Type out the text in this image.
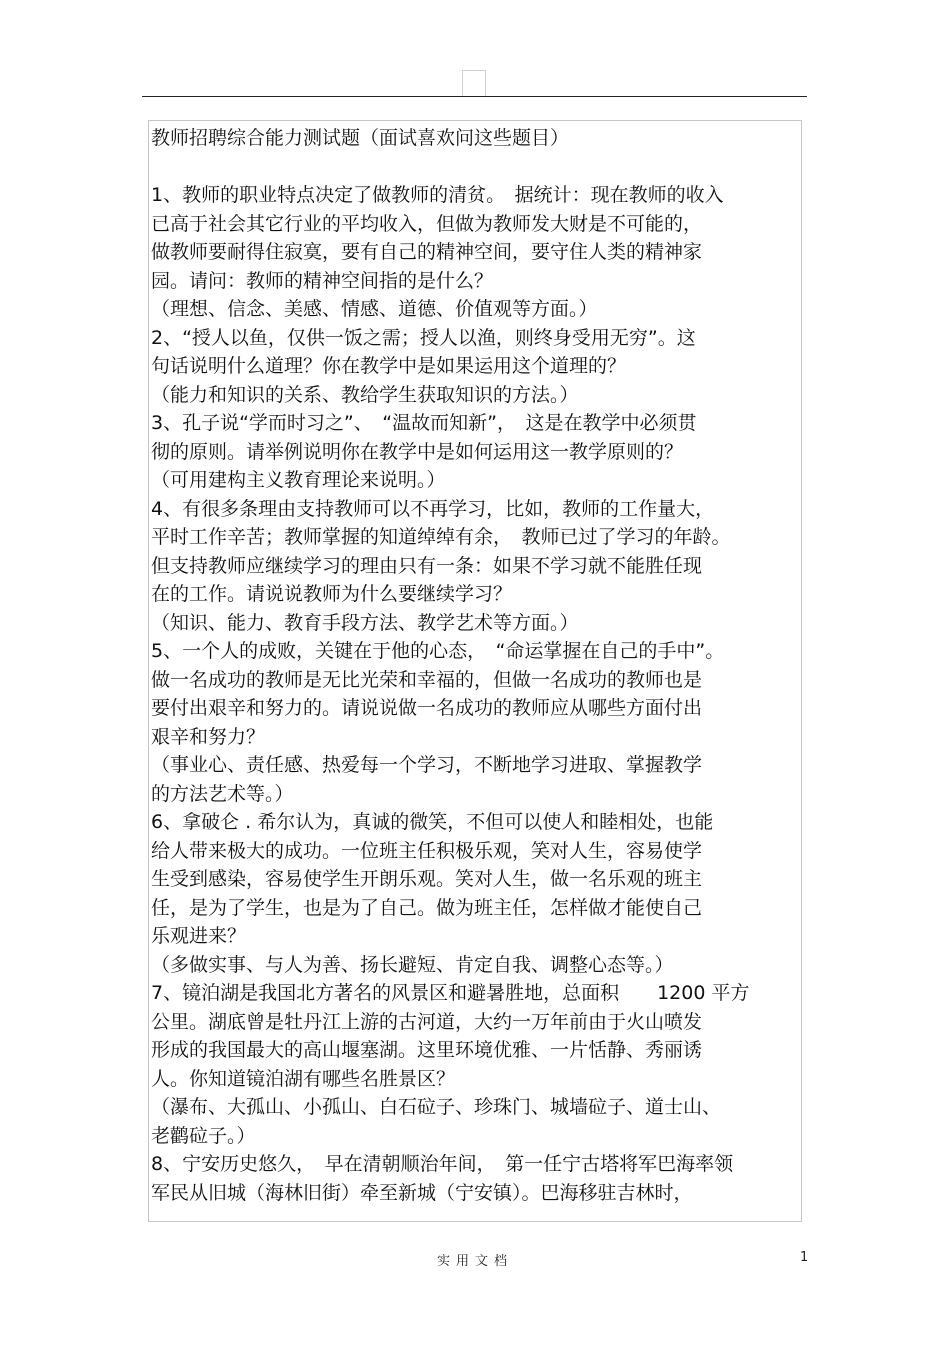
教师招聘综合能力测试题（面试喜欢问这些题目）
1、教师的职业特点决定了做教师的清贫。　据统计：现在教师的收入
已高于社会其它行业的平均收入，但做为教师发大财是不可能的，
做教师要耐得住寂寞，要有自己的精神空间，要守住人类的精神家
园。请问：教师的精神空间指的是什么？
（理想、信念、美感、情感、道德、价值观等方面。）
2、“授人以鱼，仅供一饭之需；授人以渔，则终身受用无穷”。这
句话说明什么道理？你在教学中是如果运用这个道理的？
（能力和知识的关系、教给学生获取知识的方法。）
3、孔子说“学而时习之”、　“温故而知新”，　这是在教学中必须贯
彻的原则。请举例说明你在教学中是如何运用这一教学原则的？
（可用建构主义教育理论来说明。）
4、有很多条理由支持教师可以不再学习，比如，教师的工作量大，
平时工作辛苦；教师掌握的知道绰绰有余，　教师已过了学习的年龄。
但支持教师应继续学习的理由只有一条：如果不学习就不能胜任现
在的工作。请说说教师为什么要继续学习？
（知识、能力、教育手段方法、教学艺术等方面。）
5、一个人的成败，关键在于他的心态，　“命运掌握在自己的手中”。
做一名成功的教师是无比光荣和幸福的，但做一名成功的教师也是
要付出艰辛和努力的。请说说做一名成功的教师应从哪些方面付出
艰辛和努力？
（事业心、责任感、热爱每一个学习，不断地学习进取、掌握教学
的方法艺术等。）
6、拿破仑 . 希尔认为，真诚的微笑，不但可以使人和睦相处，也能
给人带来极大的成功。一位班主任积极乐观，笑对人生，容易使学
生受到感染，容易使学生开朗乐观。笑对人生，做一名乐观的班主
任，是为了学生，也是为了自己。做为班主任，怎样做才能使自己
乐观进来？
（多做实事、与人为善、扬长避短、肯定自我、调整心态等。）
7、镜泊湖是我国北方著名的风景区和避暑胜地，总面积　　1200 平方
公里。湖底曾是牡丹江上游的古河道，大约一万年前由于火山喷发
形成的我国最大的高山堰塞湖。这里环境优雅、一片恬静、秀丽诱
人。你知道镜泊湖有哪些名胜景区？
（瀑布、大孤山、小孤山、白石砬子、珍珠门、城墙砬子、道士山、
老鹳砬子。）
8、宁安历史悠久，　早在清朝顺治年间，　第一任宁古塔将军巴海率领
军民从旧城（海林旧街）牵至新城（宁安镇）。巴海移驻吉林时，
实用文档	1
